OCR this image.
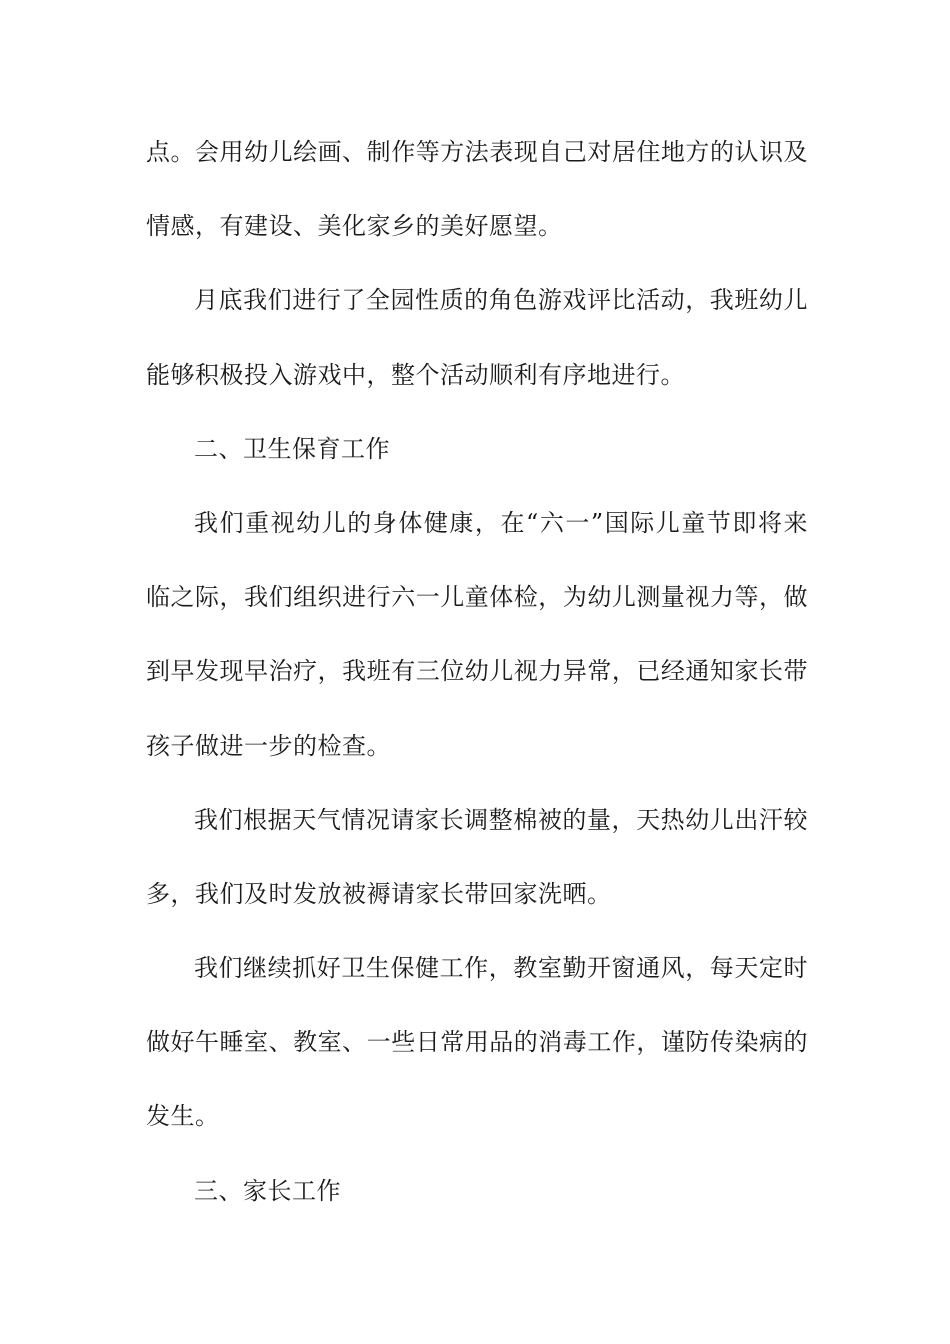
点。会用幼儿绘画、制作等方法表现自己对居住地方的认识及
情感，有建设、美化家乡的美好愿望。
月底我们进行了全园性质的角色游戏评比活动，我班幼儿
能够积极投入游戏中，整个活动顺利有序地进行。
二、卫生保育工作
我们重视幼儿的身体健康，在“六一”国际儿童节即将来
临之际，我们组织进行六一儿童体检，为幼儿测量视力等，做
到早发现早治疗，我班有三位幼儿视力异常，已经通知家长带
孩子做进一步的检查。
我们根据天气情况请家长调整棉被的量，天热幼儿出汗较
多，我们及时发放被褥请家长带回家洗晒。
我们继续抓好卫生保健工作，教室勤开窗通风，每天定时
做好午睡室、教室、一些日常用品的消毒工作，谨防传染病的
发生。
三、家长工作
